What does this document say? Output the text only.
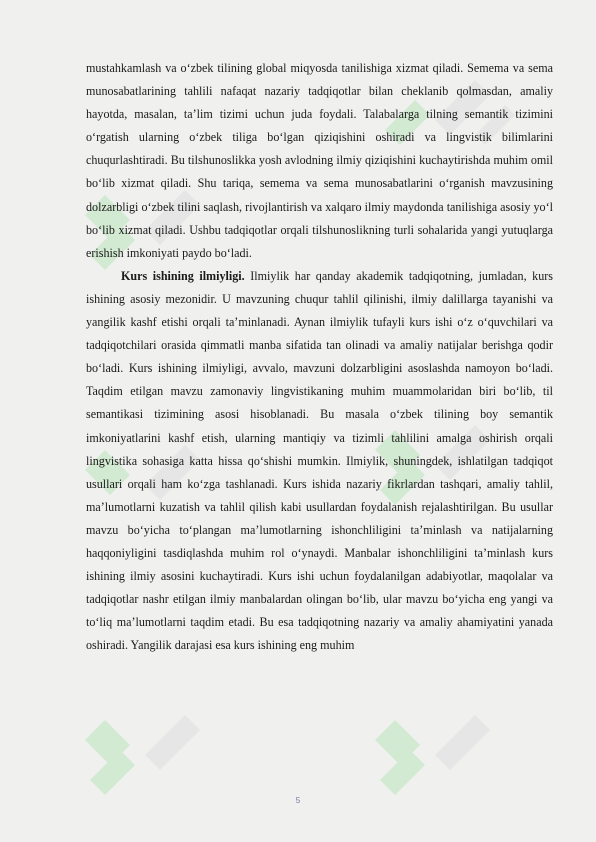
mustahkamlash va o‘zbek tilining global miqyosda tanilishiga xizmat qiladi. Semema va sema munosabatlarining tahlili nafaqat nazariy tadqiqotlar bilan cheklanib qolmasdan, amaliy hayotda, masalan, ta’lim tizimi uchun juda foydali. Talabalarga tilning semantik tizimini o‘rgatish ularning o‘zbek tiliga bo‘lgan qiziqishini oshiradi va lingvistik bilimlarini chuqurlashtiradi. Bu tilshunoslikka yosh avlodning ilmiy qiziqishini kuchaytirishda muhim omil bo‘lib xizmat qiladi. Shu tariqa, semema va sema munosabatlarini o‘rganish mavzusining dolzarbligi o‘zbek tilini saqlash, rivojlantirish va xalqaro ilmiy maydonda tanilishiga asosiy yo‘l bo‘lib xizmat qiladi. Ushbu tadqiqotlar orqali tilshunoslikning turli sohalarida yangi yutuqlarga erishish imkoniyati paydo bo‘ladi.

Kurs ishining ilmiyligi. Ilmiylik har qanday akademik tadqiqotning, jumladan, kurs ishining asosiy mezonidir. U mavzuning chuqur tahlil qilinishi, ilmiy dalillarga tayanishi va yangilik kashf etishi orqali ta’minlanadi. Aynan ilmiylik tufayli kurs ishi o‘z o‘quvchilari va tadqiqotchilari orasida qimmatli manba sifatida tan olinadi va amaliy natijalar berishga qodir bo‘ladi. Kurs ishining ilmiyligi, avvalo, mavzuni dolzarbligini asoslashda namoyon bo‘ladi. Taqdim etilgan mavzu zamonaviy lingvistikaning muhim muammolaridan biri bo‘lib, til semantikasi tizimining asosi hisoblanadi. Bu masala o‘zbek tilining boy semantik imkoniyatlarini kashf etish, ularning mantiqiy va tizimli tahlilini amalga oshirish orqali lingvistika sohasiga katta hissa qo‘shishi mumkin. Ilmiylik, shuningdek, ishlatilgan tadqiqot usullari orqali ham ko‘zga tashlanadi. Kurs ishida nazariy fikrlardan tashqari, amaliy tahlil, ma’lumotlarni kuzatish va tahlil qilish kabi usullardan foydalanish rejalashtirilgan. Bu usullar mavzu bo‘yicha to‘plangan ma’lumotlarning ishonchliligini ta’minlash va natijalarning haqqoniyligini tasdiqlashda muhim rol o‘ynaydi. Manbalar ishonchliligini ta’minlash kurs ishining ilmiy asosini kuchaytiradi. Kurs ishi uchun foydalanilgan adabiyotlar, maqolalar va tadqiqotlar nashr etilgan ilmiy manbalardan olingan bo‘lib, ular mavzu bo‘yicha eng yangi va to‘liq ma’lumotlarni taqdim etadi. Bu esa tadqiqotning nazariy va amaliy ahamiyatini yanada oshiradi. Yangilik darajasi esa kurs ishining eng muhim

5
